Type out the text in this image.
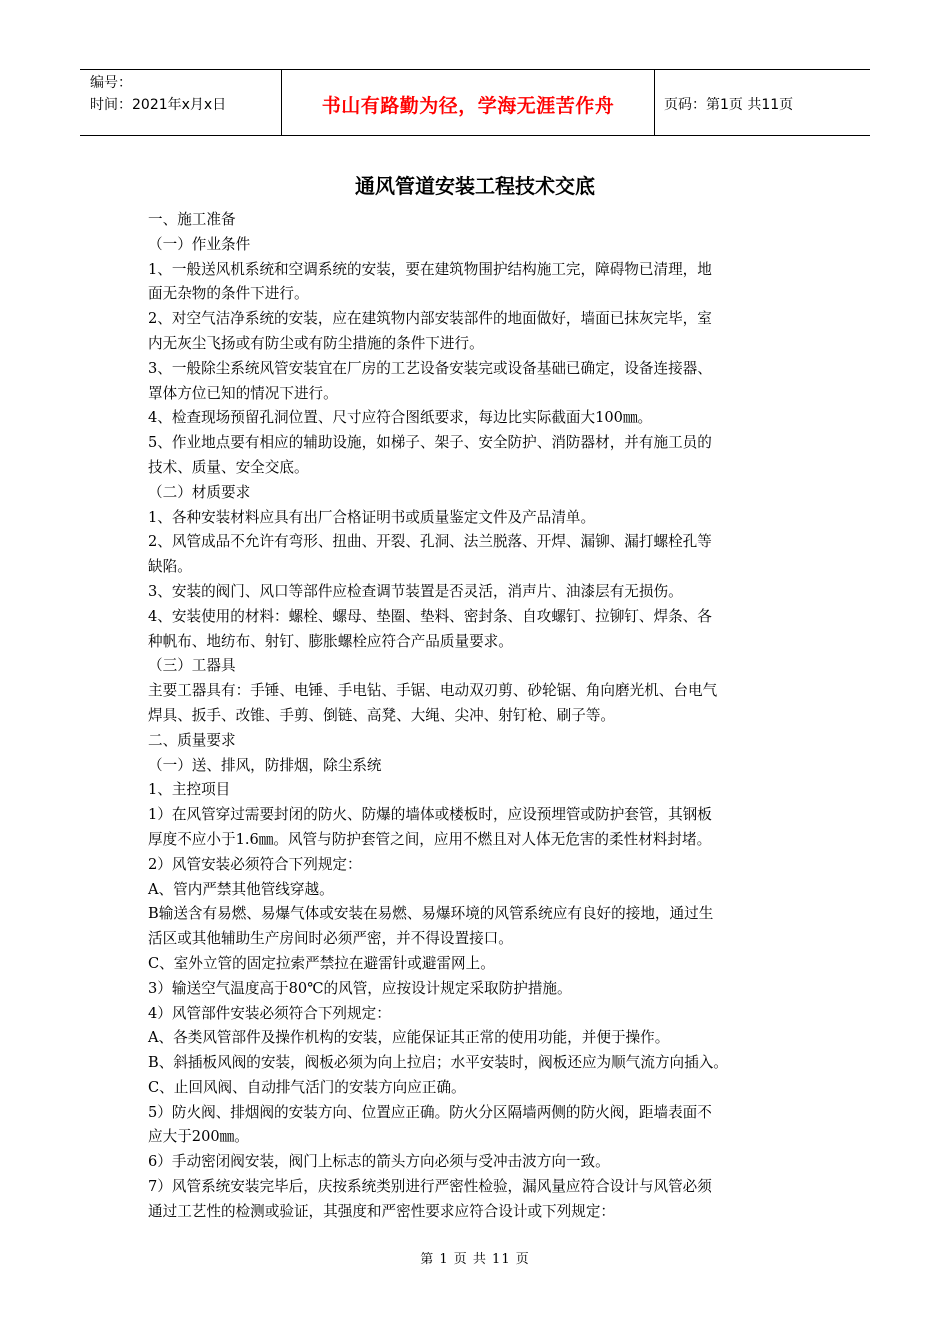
编号：
时间：2021年x月x日	书山有路勤为径，学海无涯苦作舟	页码：第1页 共11页
通风管道安装工程技术交底

一、施工准备

（一）作业条件

1、一般送风机系统和空调系统的安装，要在建筑物围护结构施工完，障碍物已清理，地

面无杂物的条件下进行。

2、对空气洁净系统的安装，应在建筑物内部安装部件的地面做好，墙面已抹灰完毕，室

内无灰尘飞扬或有防尘或有防尘措施的条件下进行。

3、一般除尘系统风管安装宜在厂房的工艺设备安装完或设备基础已确定，设备连接器、

罩体方位已知的情况下进行。

4、检查现场预留孔洞位置、尺寸应符合图纸要求，每边比实际截面大100㎜。

5、作业地点要有相应的辅助设施，如梯子、架子、安全防护、消防器材，并有施工员的

技术、质量、安全交底。

（二）材质要求

1、各种安装材料应具有出厂合格证明书或质量鉴定文件及产品清单。

2、风管成品不允许有弯形、扭曲、开裂、孔洞、法兰脱落、开焊、漏铆、漏打螺栓孔等

缺陷。

3、安装的阀门、风口等部件应检查调节装置是否灵活，消声片、油漆层有无损伤。

4、安装使用的材料：螺栓、螺母、垫圈、垫料、密封条、自攻螺钉、拉铆钉、焊条、各

种帆布、地纺布、射钉、膨胀螺栓应符合产品质量要求。

（三）工器具

主要工器具有：手锤、电锤、手电钻、手锯、电动双刃剪、砂轮锯、角向磨光机、台电气

焊具、扳手、改锥、手剪、倒链、高凳、大绳、尖冲、射钉枪、刷子等。

二、质量要求

（一）送、排风，防排烟，除尘系统

1、主控项目

1）在风管穿过需要封闭的防火、防爆的墙体或楼板时，应设预埋管或防护套管，其钢板

厚度不应小于1.6㎜。风管与防护套管之间，应用不燃且对人体无危害的柔性材料封堵。

2）风管安装必须符合下列规定：

A、管内严禁其他管线穿越。

B输送含有易燃、易爆气体或安装在易燃、易爆环境的风管系统应有良好的接地，通过生

活区或其他辅助生产房间时必须严密，并不得设置接口。

C、室外立管的固定拉索严禁拉在避雷针或避雷网上。

3）输送空气温度高于80℃的风管，应按设计规定采取防护措施。

4）风管部件安装必须符合下列规定：

A、各类风管部件及操作机构的安装，应能保证其正常的使用功能，并便于操作。

B、斜插板风阀的安装，阀板必须为向上拉启；水平安装时，阀板还应为顺气流方向插入。

C、止回风阀、自动排气活门的安装方向应正确。

5）防火阀、排烟阀的安装方向、位置应正确。防火分区隔墙两侧的防火阀，距墙表面不

应大于200㎜。

6）手动密闭阀安装，阀门上标志的箭头方向必须与受冲击波方向一致。

7）风管系统安装完毕后，庆按系统类别进行严密性检验，漏风量应符合设计与风管必须

通过工艺性的检测或验证，其强度和严密性要求应符合设计或下列规定：

第 1 页 共 11 页
